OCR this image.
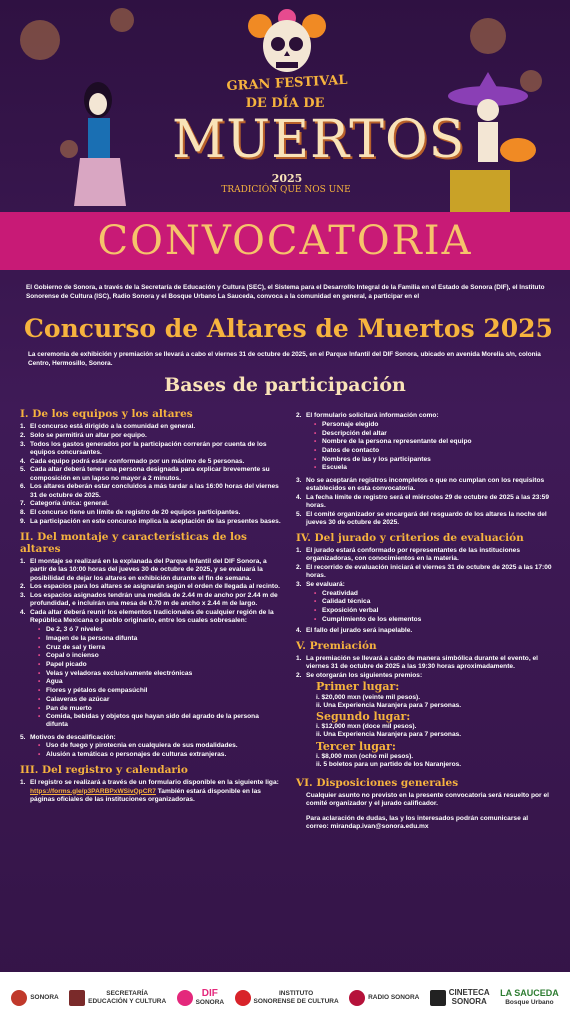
GRAN FESTIVAL
DE DÍA DE
MUERTOS
2025
TRADICIÓN QUE NOS UNE
CONVOCATORIA
El Gobierno de Sonora, a través de la Secretaría de Educación y Cultura (SEC), el Sistema para el Desarrollo Integral de la Familia en el Estado de Sonora (DIF), el Instituto Sonorense de Cultura (ISC), Radio Sonora y el Bosque Urbano La Sauceda, convoca a la comunidad en general, a participar en el
Concurso de Altares de Muertos 2025
La ceremonia de exhibición y premiación se llevará a cabo el viernes 31 de octubre de 2025, en el Parque Infantil del DIF Sonora, ubicado en avenida Morelia s/n, colonia Centro, Hermosillo, Sonora.
Bases de participación
I. De los equipos y los altares
1. El concurso está dirigido a la comunidad en general.
2. Solo se permitirá un altar por equipo.
3. Todos los gastos generados por la participación correrán por cuenta de los equipos concursantes.
4. Cada equipo podrá estar conformado por un máximo de 5 personas.
5. Cada altar deberá tener una persona designada para explicar brevemente su composición en un lapso no mayor a 2 minutos.
6. Los altares deberán estar concluidos a más tardar a las 16:00 horas del viernes 31 de octubre de 2025.
7. Categoría única: general.
8. El concurso tiene un límite de registro de 20 equipos participantes.
9. La participación en este concurso implica la aceptación de las presentes bases.
II. Del montaje y características de los altares
1. El montaje se realizará en la explanada del Parque Infantil del DIF Sonora, a partir de las 10:00 horas del jueves 30 de octubre de 2025, y se evaluará la posibilidad de dejar los altares en exhibición durante el fin de semana.
2. Los espacios para los altares se asignarán según el orden de llegada al recinto.
3. Los espacios asignados tendrán una medida de 2.44 m de ancho por 2.44 m de profundidad, e incluirán una mesa de 0.70 m de ancho x 2.44 m de largo.
4. Cada altar deberá reunir los elementos tradicionales de cualquier región de la República Mexicana o pueblo originario, entre los cuales sobresalen:
• De 2, 3 ó 7 niveles
• Imagen de la persona difunta
• Cruz de sal y tierra
• Copal o incienso
• Papel picado
• Velas y veladoras exclusivamente electrónicas
• Agua
• Flores y pétalos de cempasúchil
• Calaveras de azúcar
• Pan de muerto
• Comida, bebidas y objetos que hayan sido del agrado de la persona difunta
5. Motivos de descalificación:
• Uso de fuego y pirotecnia en cualquiera de sus modalidades.
• Alusión a temáticas o personajes de culturas extranjeras.
III. Del registro y calendario
1. El registro se realizará a través de un formulario disponible en la siguiente liga: https://forms.gle/p3PARBPxWSivQpCR7 También estará disponible en las páginas oficiales de las instituciones organizadoras.
2. El formulario solicitará información como:
• Personaje elegido
• Descripción del altar
• Nombre de la persona representante del equipo
• Datos de contacto
• Nombres de las y los participantes
• Escuela
3. No se aceptarán registros incompletos o que no cumplan con los requisitos establecidos en esta convocatoria.
4. La fecha límite de registro será el miércoles 29 de octubre de 2025 a las 23:59 horas.
5. El comité organizador se encargará del resguardo de los altares la noche del jueves 30 de octubre de 2025.
IV. Del jurado y criterios de evaluación
1. El jurado estará conformado por representantes de las instituciones organizadoras, con conocimientos en la materia.
2. El recorrido de evaluación iniciará el viernes 31 de octubre de 2025 a las 17:00 horas.
3. Se evaluará:
• Creatividad
• Calidad técnica
• Exposición verbal
• Cumplimiento de los elementos
4. El fallo del jurado será inapelable.
V. Premiación
1. La premiación se llevará a cabo de manera simbólica durante el evento, el viernes 31 de octubre de 2025 a las 19:30 horas aproximadamente.
2. Se otorgarán los siguientes premios:
Primer lugar:
i. $20,000 mxn (veinte mil pesos).
ii. Una Experiencia Naranjera para 7 personas.
Segundo lugar:
i. $12,000 mxn (doce mil pesos).
ii. Una Experiencia Naranjera para 7 personas.
Tercer lugar:
i. $8,000 mxn (ocho mil pesos).
ii. 5 boletos para un partido de los Naranjeros.
VI. Disposiciones generales
Cualquier asunto no previsto en la presente convocatoria será resuelto por el comité organizador y el jurado calificador.
Para aclaración de dudas, las y los interesados podrán comunicarse al correo: mirandap.ivan@sonora.edu.mx
SONORA
SECRETARÍA
EDUCACIÓN Y CULTURA
DIF
SONORA
INSTITUTO
SONORENSE DE CULTURA
RADIO SONORA
CINETECA
SONORA
LA SAUCEDA
Bosque Urbano
